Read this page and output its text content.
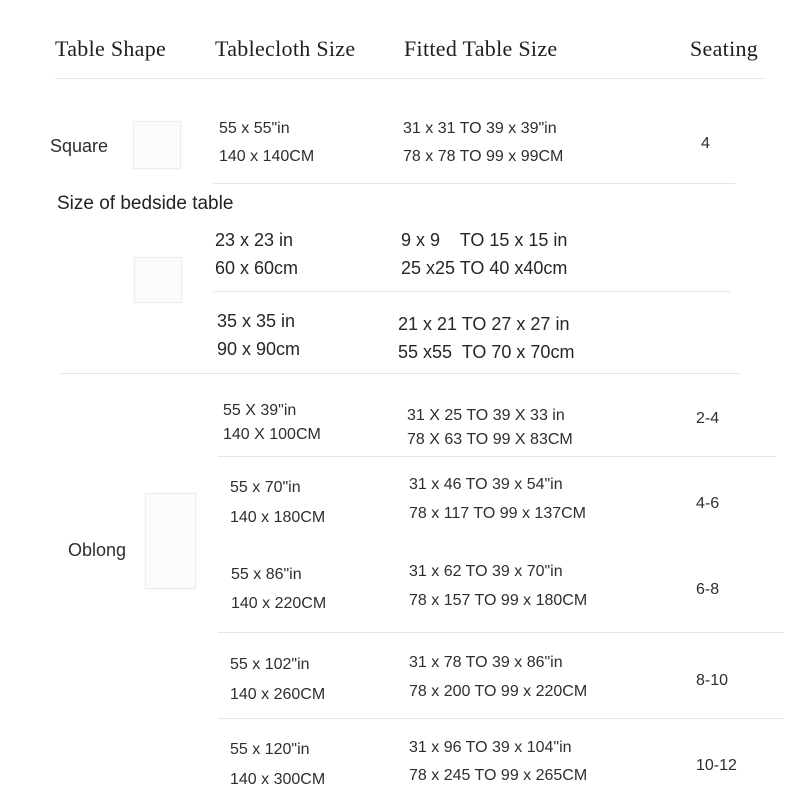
Table Shape Tablecloth Size Fitted Table Size	Seating
Square
55 x 55"in
140 x 140CM
31 x 31 TO 39 x 39"in
78 x 78 TO 99 x 99CM
4
Size of bedside table
23 x 23 in
60 x 60cm
9 x 9    TO 15 x 15 in
25 x25 TO 40 x40cm
35 x 35 in
90 x 90cm
21 x 21 TO 27 x 27 in
55 x55  TO 70 x 70cm
Oblong
55 X 39"in
140 X 100CM
31 X 25 TO 39 X 33 in
78 X 63 TO 99 X 83CM
2-4
55 x 70"in
140 x 180CM
31 x 46 TO 39 x 54"in
78 x 117 TO 99 x 137CM
4-6
55 x 86"in
140 x 220CM
31 x 62 TO 39 x 70"in
78 x 157 TO 99 x 180CM
6-8
55 x 102"in
140 x 260CM
31 x 78 TO 39 x 86"in
78 x 200 TO 99 x 220CM
8-10
55 x 120"in
140 x 300CM
31 x 96 TO 39 x 104"in
78 x 245 TO 99 x 265CM
10-12
